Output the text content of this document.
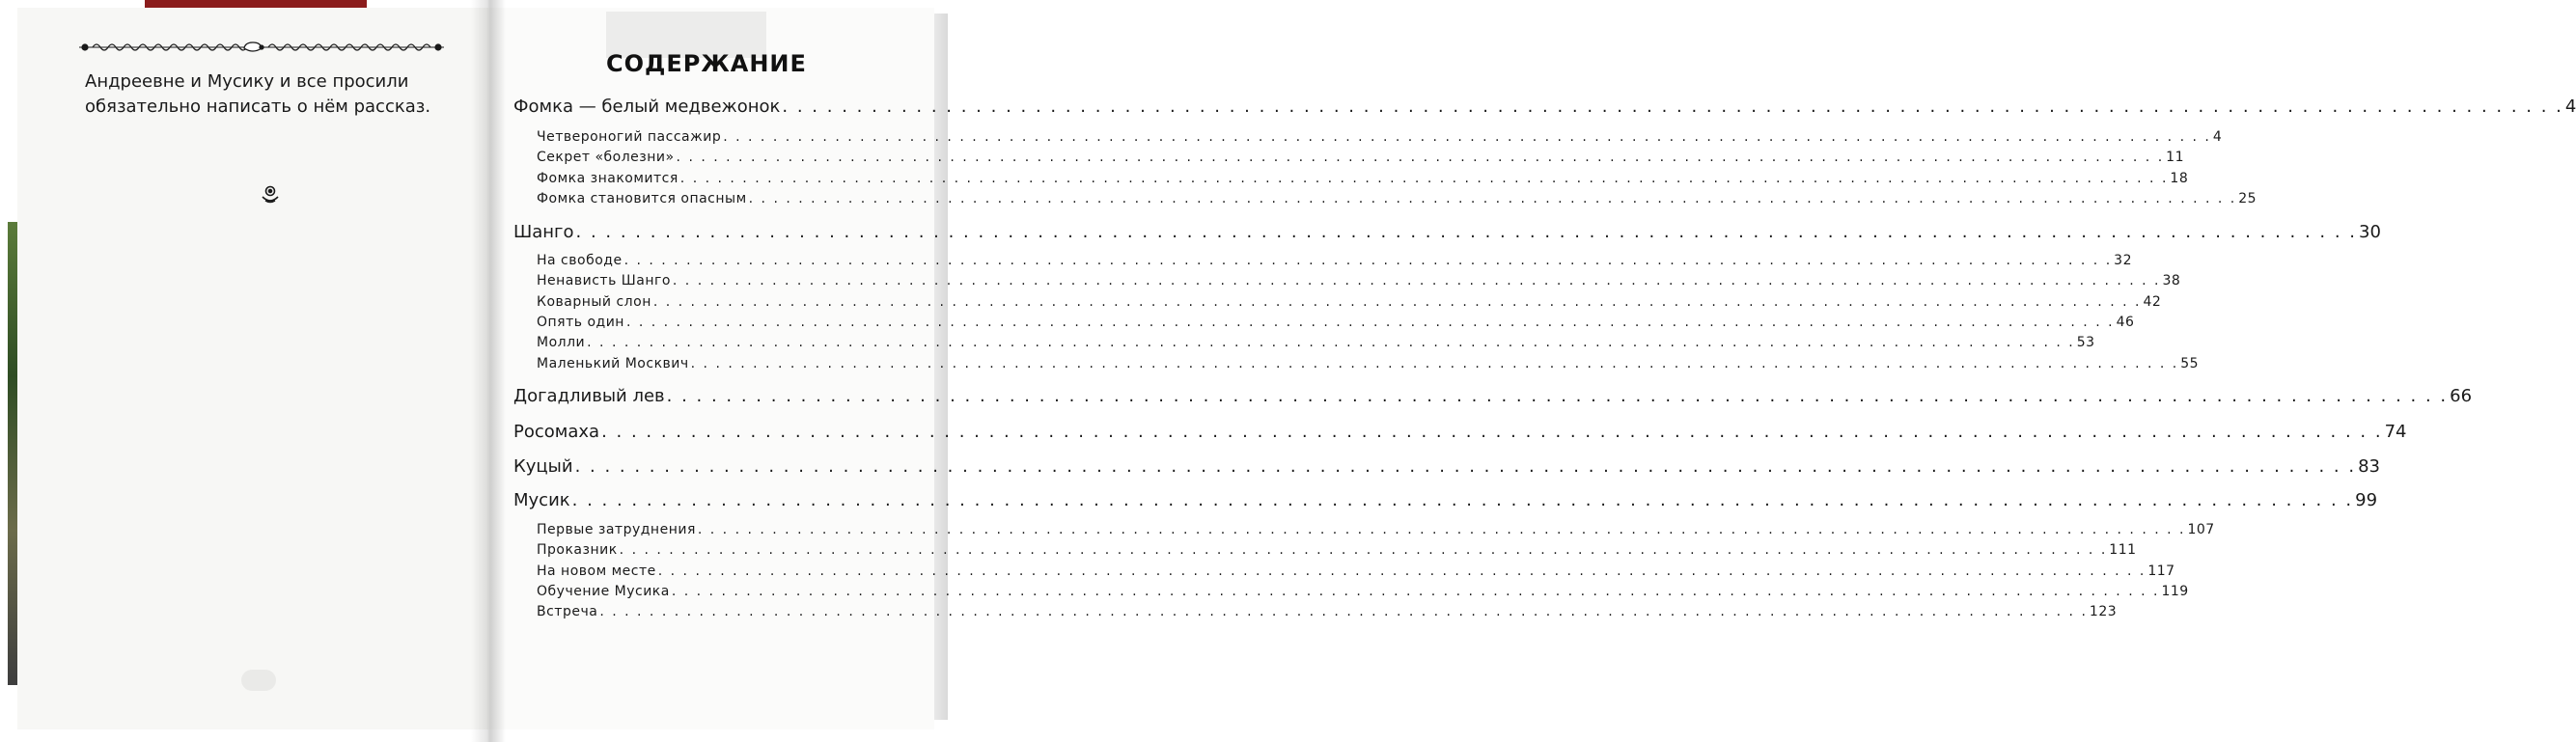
Андреевне и Мусику и все просили обязательно написать о нём рассказ.
СОДЕРЖАНИЕ
Фомка — белый медвежонок . . . . . . . . . . . . . . . . . . . . . . . . . . . . . . . . . . . . . . . . . . . . . . . . . . . . . . . . . . . . . . . . . . . . . . . . . . . . . . . . . . . . . . . . . . . . . . . . . . . . . . . . . . . . . . . . . . . . . . . . 4
Четвероногий пассажир . . . . . . . . . . . . . . . . . . . . . . . . . . . . . . . . . . . . . . . . . . . . . . . . . . . . . . . . . . . . . . . . . . . . . . . . . . . . . . . . . . . . . . . . . . . . . . . . . . . . . . . . . . . . . . . . . . . . . . . . 4
Секрет «болезни» . . . . . . . . . . . . . . . . . . . . . . . . . . . . . . . . . . . . . . . . . . . . . . . . . . . . . . . . . . . . . . . . . . . . . . . . . . . . . . . . . . . . . . . . . . . . . . . . . . . . . . . . . . . . . . . . . . . . . . . . 11
Фомка знакомится . . . . . . . . . . . . . . . . . . . . . . . . . . . . . . . . . . . . . . . . . . . . . . . . . . . . . . . . . . . . . . . . . . . . . . . . . . . . . . . . . . . . . . . . . . . . . . . . . . . . . . . . . . . . . . . . . . . . . . . . 18
Фомка становится опасным . . . . . . . . . . . . . . . . . . . . . . . . . . . . . . . . . . . . . . . . . . . . . . . . . . . . . . . . . . . . . . . . . . . . . . . . . . . . . . . . . . . . . . . . . . . . . . . . . . . . . . . . . . . . . . . . . . . . . . . . 25
Шанго . . . . . . . . . . . . . . . . . . . . . . . . . . . . . . . . . . . . . . . . . . . . . . . . . . . . . . . . . . . . . . . . . . . . . . . . . . . . . . . . . . . . . . . . . . . . . . . . . . . . . . . . . . . . . . . . . . . . . . . . 30
На свободе . . . . . . . . . . . . . . . . . . . . . . . . . . . . . . . . . . . . . . . . . . . . . . . . . . . . . . . . . . . . . . . . . . . . . . . . . . . . . . . . . . . . . . . . . . . . . . . . . . . . . . . . . . . . . . . . . . . . . . . . 32
Ненависть Шанго . . . . . . . . . . . . . . . . . . . . . . . . . . . . . . . . . . . . . . . . . . . . . . . . . . . . . . . . . . . . . . . . . . . . . . . . . . . . . . . . . . . . . . . . . . . . . . . . . . . . . . . . . . . . . . . . . . . . . . . . 38
Коварный слон . . . . . . . . . . . . . . . . . . . . . . . . . . . . . . . . . . . . . . . . . . . . . . . . . . . . . . . . . . . . . . . . . . . . . . . . . . . . . . . . . . . . . . . . . . . . . . . . . . . . . . . . . . . . . . . . . . . . . . . . 42
Опять один . . . . . . . . . . . . . . . . . . . . . . . . . . . . . . . . . . . . . . . . . . . . . . . . . . . . . . . . . . . . . . . . . . . . . . . . . . . . . . . . . . . . . . . . . . . . . . . . . . . . . . . . . . . . . . . . . . . . . . . . 46
Молли . . . . . . . . . . . . . . . . . . . . . . . . . . . . . . . . . . . . . . . . . . . . . . . . . . . . . . . . . . . . . . . . . . . . . . . . . . . . . . . . . . . . . . . . . . . . . . . . . . . . . . . . . . . . . . . . . . . . . . . . 53
Маленький Москвич . . . . . . . . . . . . . . . . . . . . . . . . . . . . . . . . . . . . . . . . . . . . . . . . . . . . . . . . . . . . . . . . . . . . . . . . . . . . . . . . . . . . . . . . . . . . . . . . . . . . . . . . . . . . . . . . . . . . . . . . 55
Догадливый лев . . . . . . . . . . . . . . . . . . . . . . . . . . . . . . . . . . . . . . . . . . . . . . . . . . . . . . . . . . . . . . . . . . . . . . . . . . . . . . . . . . . . . . . . . . . . . . . . . . . . . . . . . . . . . . . . . . . . . . . . 66
Росомаха . . . . . . . . . . . . . . . . . . . . . . . . . . . . . . . . . . . . . . . . . . . . . . . . . . . . . . . . . . . . . . . . . . . . . . . . . . . . . . . . . . . . . . . . . . . . . . . . . . . . . . . . . . . . . . . . . . . . . . . . 74
Куцый . . . . . . . . . . . . . . . . . . . . . . . . . . . . . . . . . . . . . . . . . . . . . . . . . . . . . . . . . . . . . . . . . . . . . . . . . . . . . . . . . . . . . . . . . . . . . . . . . . . . . . . . . . . . . . . . . . . . . . . . 83
Мусик . . . . . . . . . . . . . . . . . . . . . . . . . . . . . . . . . . . . . . . . . . . . . . . . . . . . . . . . . . . . . . . . . . . . . . . . . . . . . . . . . . . . . . . . . . . . . . . . . . . . . . . . . . . . . . . . . . . . . . . . 99
Первые затруднения . . . . . . . . . . . . . . . . . . . . . . . . . . . . . . . . . . . . . . . . . . . . . . . . . . . . . . . . . . . . . . . . . . . . . . . . . . . . . . . . . . . . . . . . . . . . . . . . . . . . . . . . . . . . . . . . . . . . . . . . 107
Проказник . . . . . . . . . . . . . . . . . . . . . . . . . . . . . . . . . . . . . . . . . . . . . . . . . . . . . . . . . . . . . . . . . . . . . . . . . . . . . . . . . . . . . . . . . . . . . . . . . . . . . . . . . . . . . . . . . . . . . . . . 111
На новом месте . . . . . . . . . . . . . . . . . . . . . . . . . . . . . . . . . . . . . . . . . . . . . . . . . . . . . . . . . . . . . . . . . . . . . . . . . . . . . . . . . . . . . . . . . . . . . . . . . . . . . . . . . . . . . . . . . . . . . . . . 117
Обучение Мусика . . . . . . . . . . . . . . . . . . . . . . . . . . . . . . . . . . . . . . . . . . . . . . . . . . . . . . . . . . . . . . . . . . . . . . . . . . . . . . . . . . . . . . . . . . . . . . . . . . . . . . . . . . . . . . . . . . . . . . . . 119
Встреча . . . . . . . . . . . . . . . . . . . . . . . . . . . . . . . . . . . . . . . . . . . . . . . . . . . . . . . . . . . . . . . . . . . . . . . . . . . . . . . . . . . . . . . . . . . . . . . . . . . . . . . . . . . . . . . . . . . . . . . . 123
